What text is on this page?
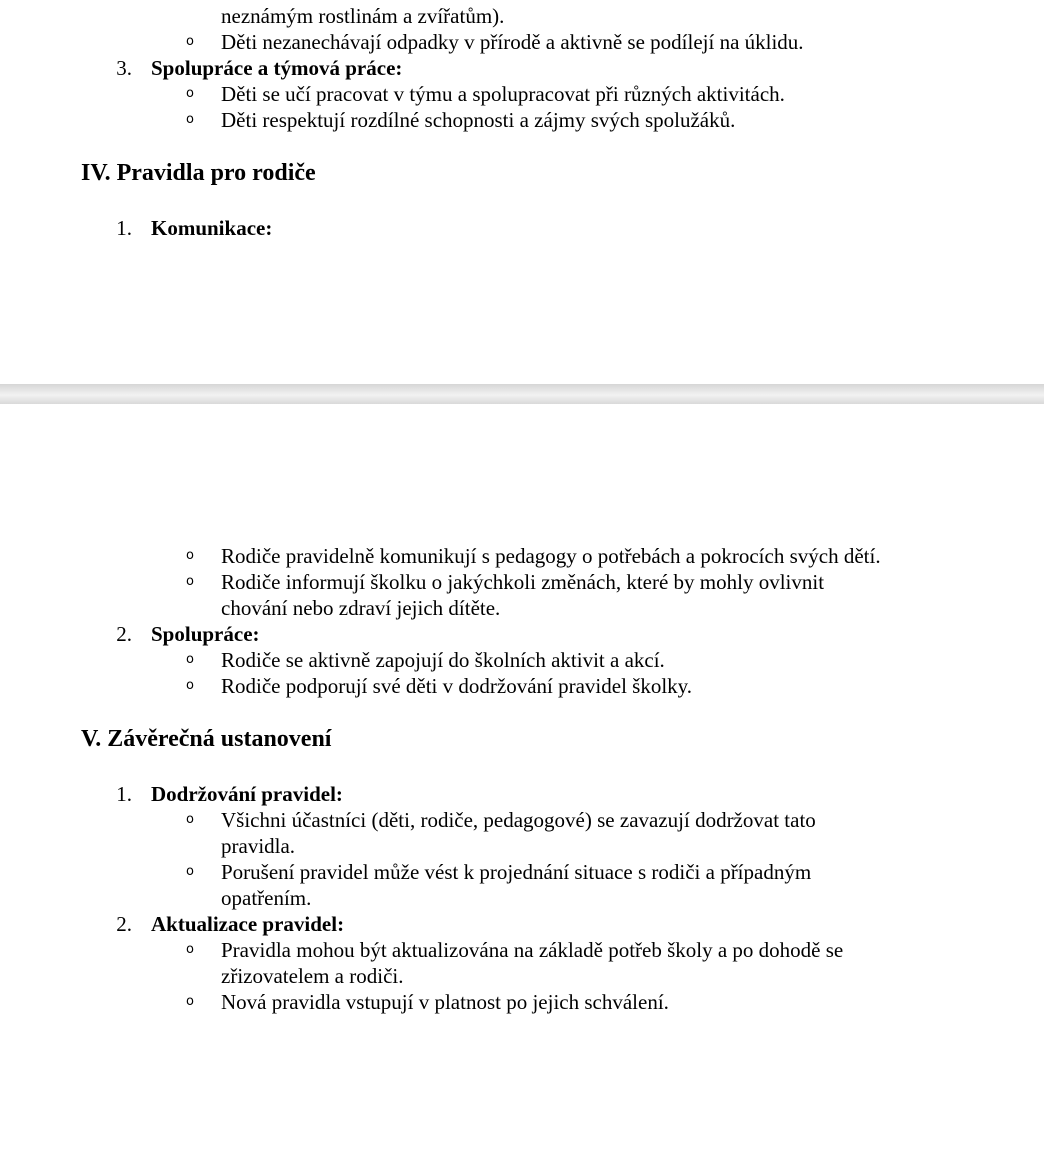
neznámým rostlinám a zvířatům).
o Děti nezanechávají odpadky v přírodě a aktivně se podílejí na úklidu.
3. Spolupráce a týmová práce:
o Děti se učí pracovat v týmu a spolupracovat při různých aktivitách.
o Děti respektují rozdílné schopnosti a zájmy svých spolužáků.
IV. Pravidla pro rodiče
1. Komunikace:
o Rodiče pravidelně komunikují s pedagogy o potřebách a pokrocích svých dětí.
o Rodiče informují školku o jakýchkoli změnách, které by mohly ovlivnit
chování nebo zdraví jejich dítěte.
2. Spolupráce:
o Rodiče se aktivně zapojují do školních aktivit a akcí.
o Rodiče podporují své děti v dodržování pravidel školky.
V. Závěrečná ustanovení
1. Dodržování pravidel:
o Všichni účastníci (děti, rodiče, pedagogové) se zavazují dodržovat tato
pravidla.
o Porušení pravidel může vést k projednání situace s rodiči a případným
opatřením.
2. Aktualizace pravidel:
o Pravidla mohou být aktualizována na základě potřeb školy a po dohodě se
zřizovatelem a rodiči.
o Nová pravidla vstupují v platnost po jejich schválení.
